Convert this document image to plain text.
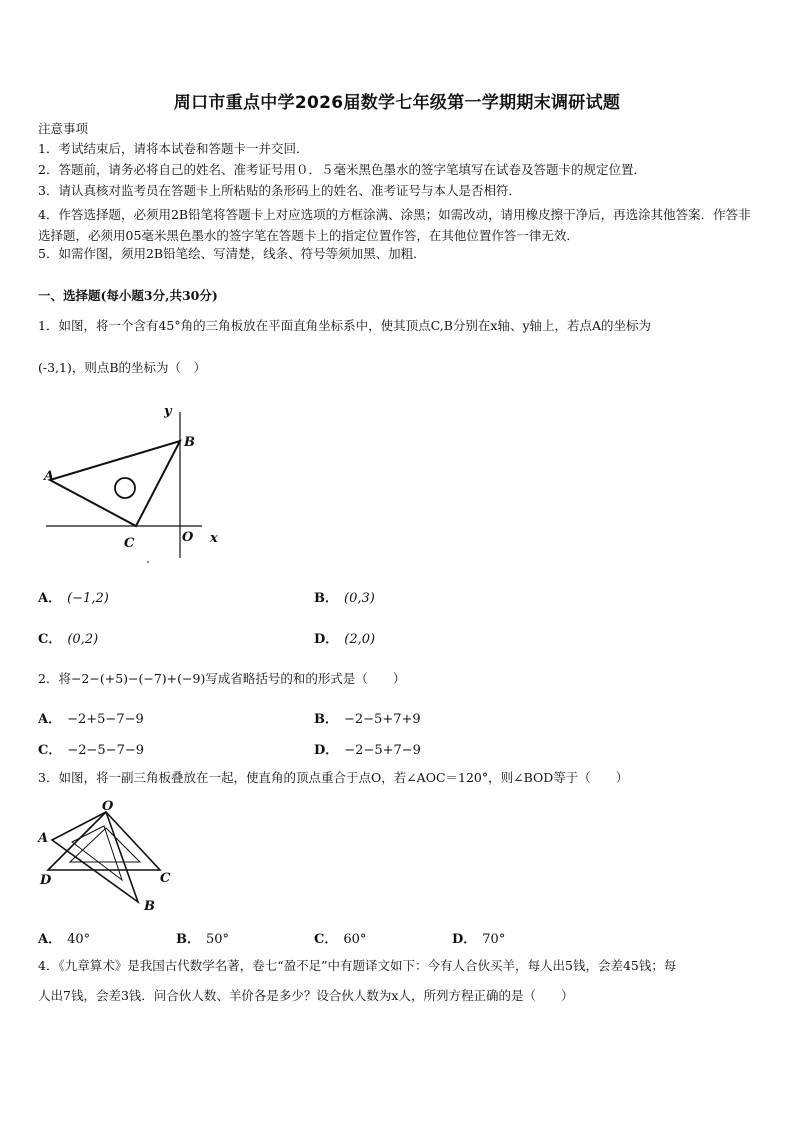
周口市重点中学2026届数学七年级第一学期期末调研试题
注意事项
1．考试结束后，请将本试卷和答题卡一并交回．
2．答题前，请务必将自己的姓名、准考证号用０．５毫米黑色墨水的签字笔填写在试卷及答题卡的规定位置．
3．请认真核对监考员在答题卡上所粘贴的条形码上的姓名、准考证号与本人是否相符．
4．作答选择题，必须用2B铅笔将答题卡上对应选项的方框涂满、涂黑；如需改动，请用橡皮擦干净后，再选涂其他答案．作答非选择题，必须用05毫米黑色墨水的签字笔在答题卡上的指定位置作答，在其他位置作答一律无效．
5．如需作图，须用2B铅笔绘、写清楚，线条、符号等须加黑、加粗．
一、选择题(每小题3分,共30分)
1．如图，将一个含有45°角的三角板放在平面直角坐标系中，使其顶点C,B分别在x轴、y轴上，若点A的坐标为
(-3,1)，则点B的坐标为（　）
y
B
A
C	O x
A． (−1,2)	B． (0,3)
C． (0,2)	D． (2,0)
2．将−2−(+5)−(−7)+(−9)写成省略括号的和的形式是（　　）
A． −2+5−7−9	B． −2−5+7+9
C． −2−5−7−9	D． −2−5+7−9
3．如图，将一副三角板叠放在一起，使直角的顶点重合于点O，若∠AOC＝120°，则∠BOD等于（　　）
O
A
D	C
B
A． 40°	B． 50°	C． 60°	D． 70°
4．《九章算术》是我国古代数学名著，卷七“盈不足”中有题译文如下：今有人合伙买羊，每人出5钱，会差45钱；每
人出7钱，会差3钱．问合伙人数、羊价各是多少？设合伙人数为x人，所列方程正确的是（　　）
